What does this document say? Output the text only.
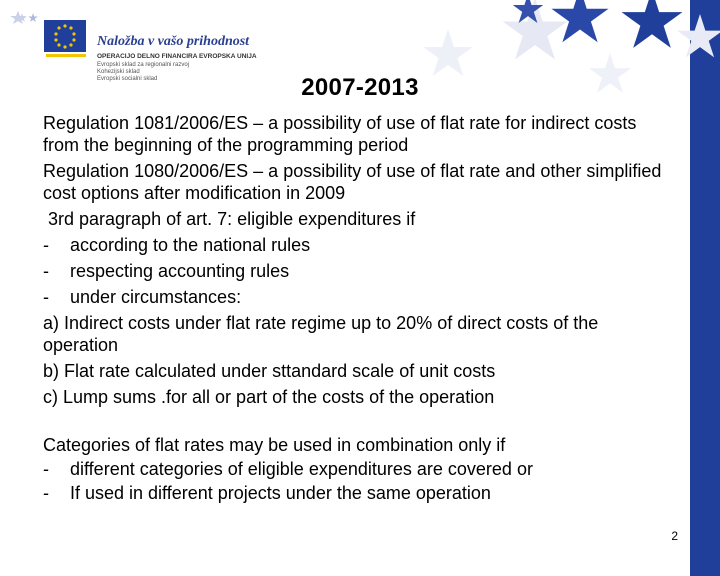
Naložba v vašo prihodnost
OPERACIJO DELNO FINANCIRA EVROPSKA UNIJA
Evropski sklad za regionalni razvoj
Kohezijski sklad
Evropski socialni sklad	2007-2013

Regulation 1081/2006/ES – a possibility of use of flat rate for indirect costs from the beginning of the programming period

Regulation 1080/2006/ES – a possibility of use of flat rate and other simplified cost options after modification in 2009

3rd paragraph of art. 7: eligible expenditures if

-	according to the national rules
-	respecting accounting rules
-	under circumstances:

a) Indirect costs under flat rate regime up to 20% of direct costs of the operation

b) Flat rate calculated under sttandard scale of unit costs

c) Lump sums .for all or part of the costs of the operation

Categories of flat rates may be used in combination only if

-	different categories of eligible expenditures are covered or
-	If used in different projects under the same operation
2
